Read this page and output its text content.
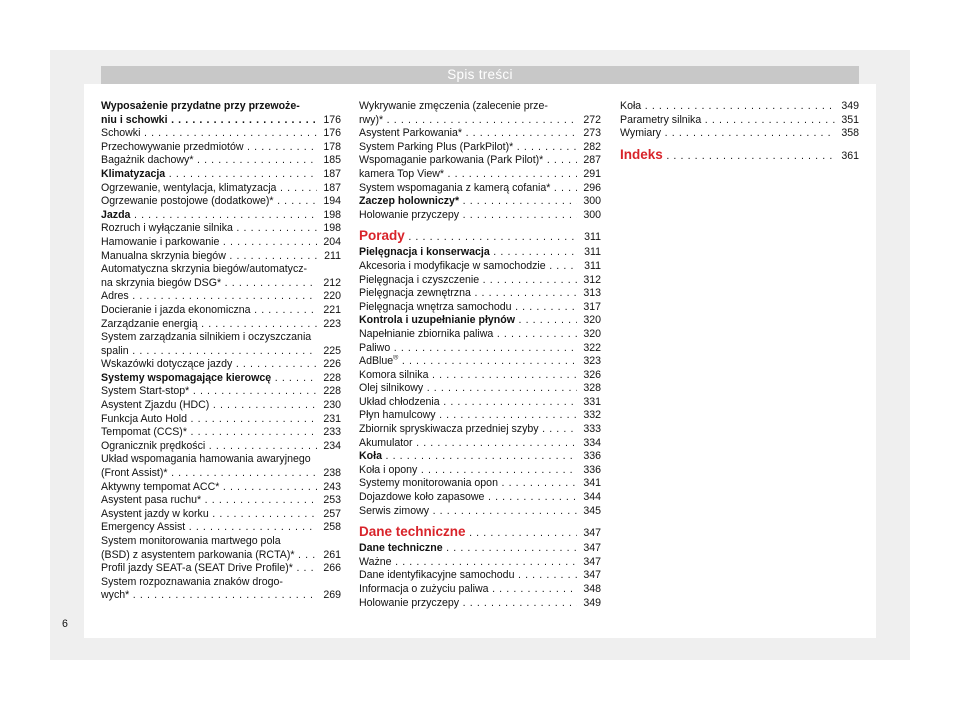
Spis treści
Wyposażenie przydatne przy przewoże-
niu i schowki . . .	176
Schowki . . .	176
Przechowywanie przedmiotów . . .	178
Bagażnik dachowy* . . .	185
Klimatyzacja . . .	187
Ogrzewanie, wentylacja, klimatyzacja . . .	187
Ogrzewanie postojowe (dodatkowe)* . . .	194
Jazda . . .	198
Rozruch i wyłączanie silnika . . .	198
Hamowanie i parkowanie . . .	204
Manualna skrzynia biegów . . .	211
Automatyczna skrzynia biegów/automatycz-
na skrzynia biegów DSG* . . .	212
Adres . . .	220
Docieranie i jazda ekonomiczna . . .	221
Zarządzanie energią . . .	223
System zarządzania silnikiem i oczyszczania
spalin . . .	225
Wskazówki dotyczące jazdy . . .	226
Systemy wspomagające kierowcę . . .	228
System Start-stop* . . .	228
Asystent Zjazdu (HDC) . . .	230
Funkcja Auto Hold . . .	231
Tempomat (CCS)* . . .	233
Ogranicznik prędkości . . .	234
Układ wspomagania hamowania awaryjnego
(Front Assist)* . . .	238
Aktywny tempomat ACC* . . .	243
Asystent pasa ruchu* . . .	253
Asystent jazdy w korku . . .	257
Emergency Assist . . .	258
System monitorowania martwego pola
(BSD) z asystentem parkowania (RCTA)* . . .	261
Profil jazdy SEAT-a (SEAT Drive Profile)* . . .	266
System rozpoznawania znaków drogo-
wych* . . .	269
Wykrywanie zmęczenia (zalecenie prze-
rwy)* . . .	272
Asystent Parkowania* . . .	273
System Parking Plus (ParkPilot)* . . .	282
Wspomaganie parkowania (Park Pilot)* . . .	287
kamera Top View* . . .	291
System wspomagania z kamerą cofania* . . .	296
Zaczep holowniczy* . . .	300
Holowanie przyczepy . . .	300
Porady . . .	311
Pielęgnacja i konserwacja . . .	311
Akcesoria i modyfikacje w samochodzie . . .	311
Pielęgnacja i czyszczenie . . .	312
Pielęgnacja zewnętrzna . . .	313
Pielęgnacja wnętrza samochodu . . .	317
Kontrola i uzupełnianie płynów . . .	320
Napełnianie zbiornika paliwa . . .	320
Paliwo . . .	322
AdBlue® . . .	323
Komora silnika . . .	326
Olej silnikowy . . .	328
Układ chłodzenia . . .	331
Płyn hamulcowy . . .	332
Zbiornik spryskiwacza przedniej szyby . . .	333
Akumulator . . .	334
Koła . . .	336
Koła i opony . . .	336
Systemy monitorowania opon . . .	341
Dojazdowe koło zapasowe . . .	344
Serwis zimowy . . .	345
Dane techniczne . . .	347
Dane techniczne . . .	347
Ważne . . .	347
Dane identyfikacyjne samochodu . . .	347
Informacja o zużyciu paliwa . . .	348
Holowanie przyczepy . . .	349
Koła . . .	349
Parametry silnika . . .	351
Wymiary . . .	358
Indeks . . .	361
6
